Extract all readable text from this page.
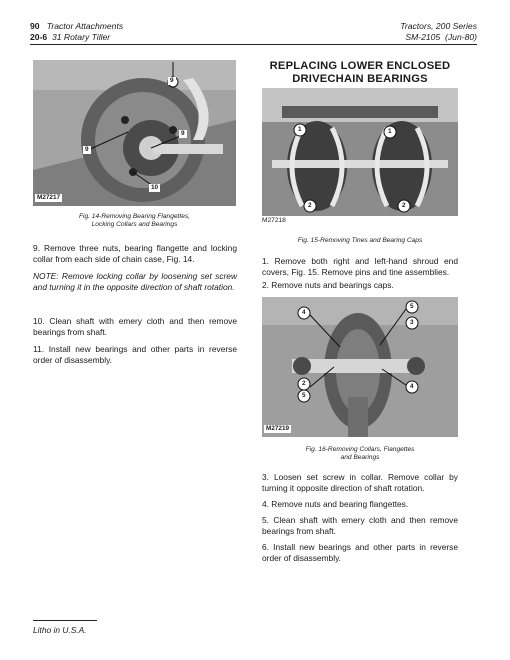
90 Tractor Attachments
20-6 31 Rotary Tiller
Tractors, 200 Series
SM-2105 (Jun-80)
9
9
9
10
M27217
Fig. 14-Removing Bearing Flangettes,
Locking Collars and Bearings
9. Remove three nuts, bearing flangette and locking collar from each side of chain case, Fig. 14.
NOTE: Remove locking collar by loosening set screw and turning it in the opposite direction of shaft rotation.
10. Clean shaft with emery cloth and then remove bearings from shaft.
11. Install new bearings and other parts in reverse order of disassembly.
REPLACING LOWER ENCLOSED
DRIVECHAIN BEARINGS
1	1
2	2
M27218
Fig. 15-Removing Tines and Bearing Caps
1. Remove both right and left-hand shroud end covers, Fig. 15. Remove pins and tine assemblies.
2. Remove nuts and bearings caps.
4
5
3
2
5
4
M27219
Fig. 16-Removing Collars, Flangettes
and Bearings
3. Loosen set screw in collar. Remove collar by turning it opposite direction of shaft rotation.
4. Remove nuts and bearing flangettes.
5. Clean shaft with emery cloth and then remove bearings from shaft.
6. Install new bearings and other parts in reverse order of disassembly.
Litho in U.S.A.
